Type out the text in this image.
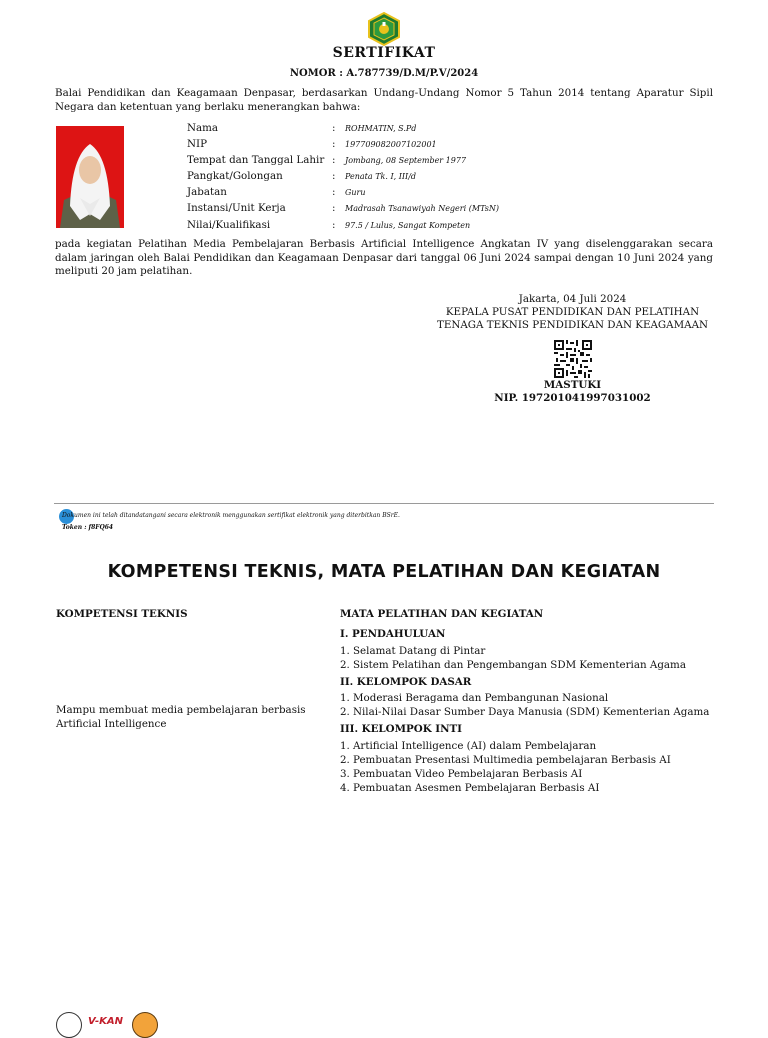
SERTIFIKAT
NOMOR : A.787739/D.M/P.V/2024
Balai Pendidikan dan Keagamaan Denpasar, berdasarkan Undang-Undang Nomor 5 Tahun 2014 tentang Aparatur Sipil Negara dan ketentuan yang berlaku menerangkan bahwa:
Nama	: ROHMATIN, S.Pd
NIP	: 197709082007102001
Tempat dan Tanggal Lahir : Jombang, 08 September 1977
Pangkat/Golongan	: Penata Tk. I, III/d
Jabatan	: Guru
Instansi/Unit Kerja	: Madrasah Tsanawiyah Negeri (MTsN)
Nilai/Kualifikasi	: 97.5 / Lulus, Sangat Kompeten
pada kegiatan Pelatihan Media Pembelajaran Berbasis Artificial Intelligence Angkatan IV yang diselenggarakan secara dalam jaringan oleh Balai Pendidikan dan Keagamaan Denpasar dari tanggal 06 Juni 2024 sampai dengan 10 Juni 2024 yang meliputi 20 jam pelatihan.
Jakarta, 04 Juli 2024
KEPALA PUSAT PENDIDIKAN DAN PELATIHAN
TENAGA TEKNIS PENDIDIKAN DAN KEAGAMAAN
MASTUKI
NIP. 197201041997031002
Dokumen ini telah ditandatangani secara elektronik menggunakan sertifikat elektronik yang diterbitkan BSrE.
Token : f8FQ64
KOMPETENSI TEKNIS, MATA PELATIHAN DAN KEGIATAN
KOMPETENSI TEKNIS	MATA PELATIHAN DAN KEGIATAN
Mampu membuat media pembelajaran berbasis Artificial Intelligence
I. PENDAHULUAN
1. Selamat Datang di Pintar
2. Sistem Pelatihan dan Pengembangan SDM Kementerian Agama
II. KELOMPOK DASAR
1. Moderasi Beragama dan Pembangunan Nasional
2. Nilai-Nilai Dasar Sumber Daya Manusia (SDM) Kementerian Agama
III. KELOMPOK INTI
1. Artificial Intelligence (AI) dalam Pembelajaran
2. Pembuatan Presentasi Multimedia pembelajaran Berbasis AI
3. Pembuatan Video Pembelajaran Berbasis AI
4. Pembuatan Asesmen Pembelajaran Berbasis AI
V-KAN
